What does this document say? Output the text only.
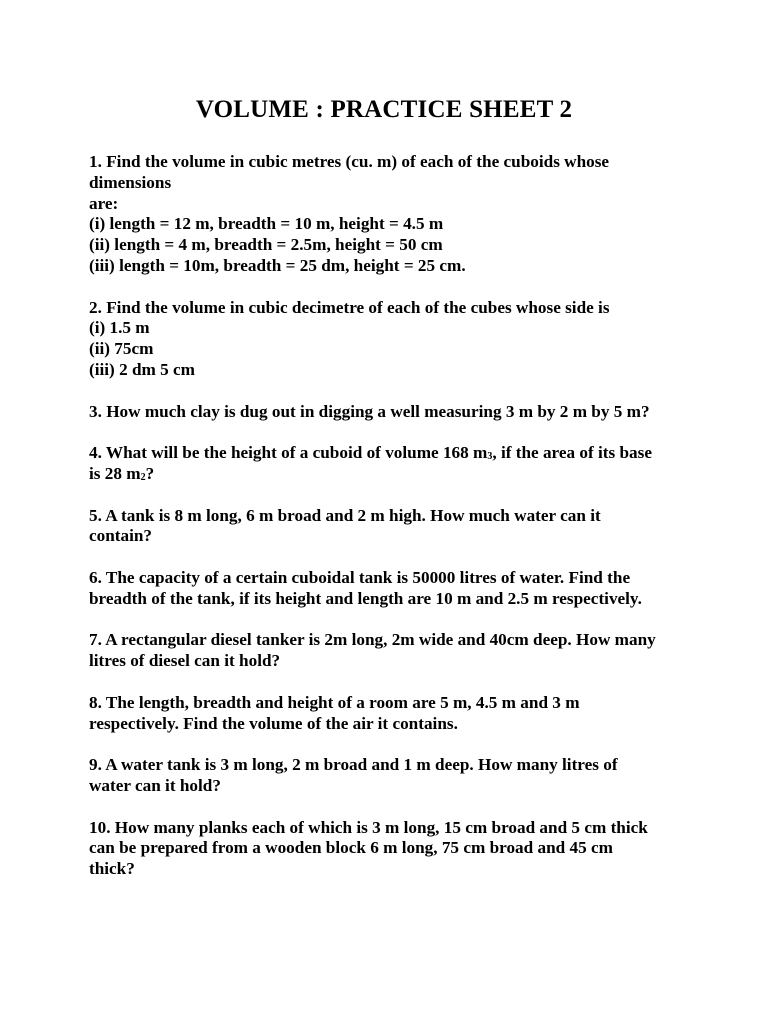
VOLUME : PRACTICE SHEET 2
1. Find the volume in cubic metres (cu. m) of each of the cuboids whose
dimensions
are:
(i) length = 12 m, breadth = 10 m, height = 4.5 m
(ii) length = 4 m, breadth = 2.5m, height = 50 cm
(iii) length = 10m, breadth = 25 dm, height = 25 cm.
2. Find the volume in cubic decimetre of each of the cubes whose side is
(i) 1.5 m
(ii) 75cm
(iii) 2 dm 5 cm
3. How much clay is dug out in digging a well measuring 3 m by 2 m by 5 m?
4. What will be the height of a cuboid of volume 168 $m_3$, if the area of its base
is 28 $m_2$?
5. A tank is 8 m long, 6 m broad and 2 m high. How much water can it
contain?
6. The capacity of a certain cuboidal tank is 50000 litres of water. Find the
breadth of the tank, if its height and length are 10 m and 2.5 m respectively.
7. A rectangular diesel tanker is 2m long, 2m wide and 40cm deep. How many
litres of diesel can it hold?
8. The length, breadth and height of a room are 5 m, 4.5 m and 3 m
respectively. Find the volume of the air it contains.
9. A water tank is 3 m long, 2 m broad and 1 m deep. How many litres of
water can it hold?
10. How many planks each of which is 3 m long, 15 cm broad and 5 cm thick
can be prepared from a wooden block 6 m long, 75 cm broad and 45 cm
thick?
